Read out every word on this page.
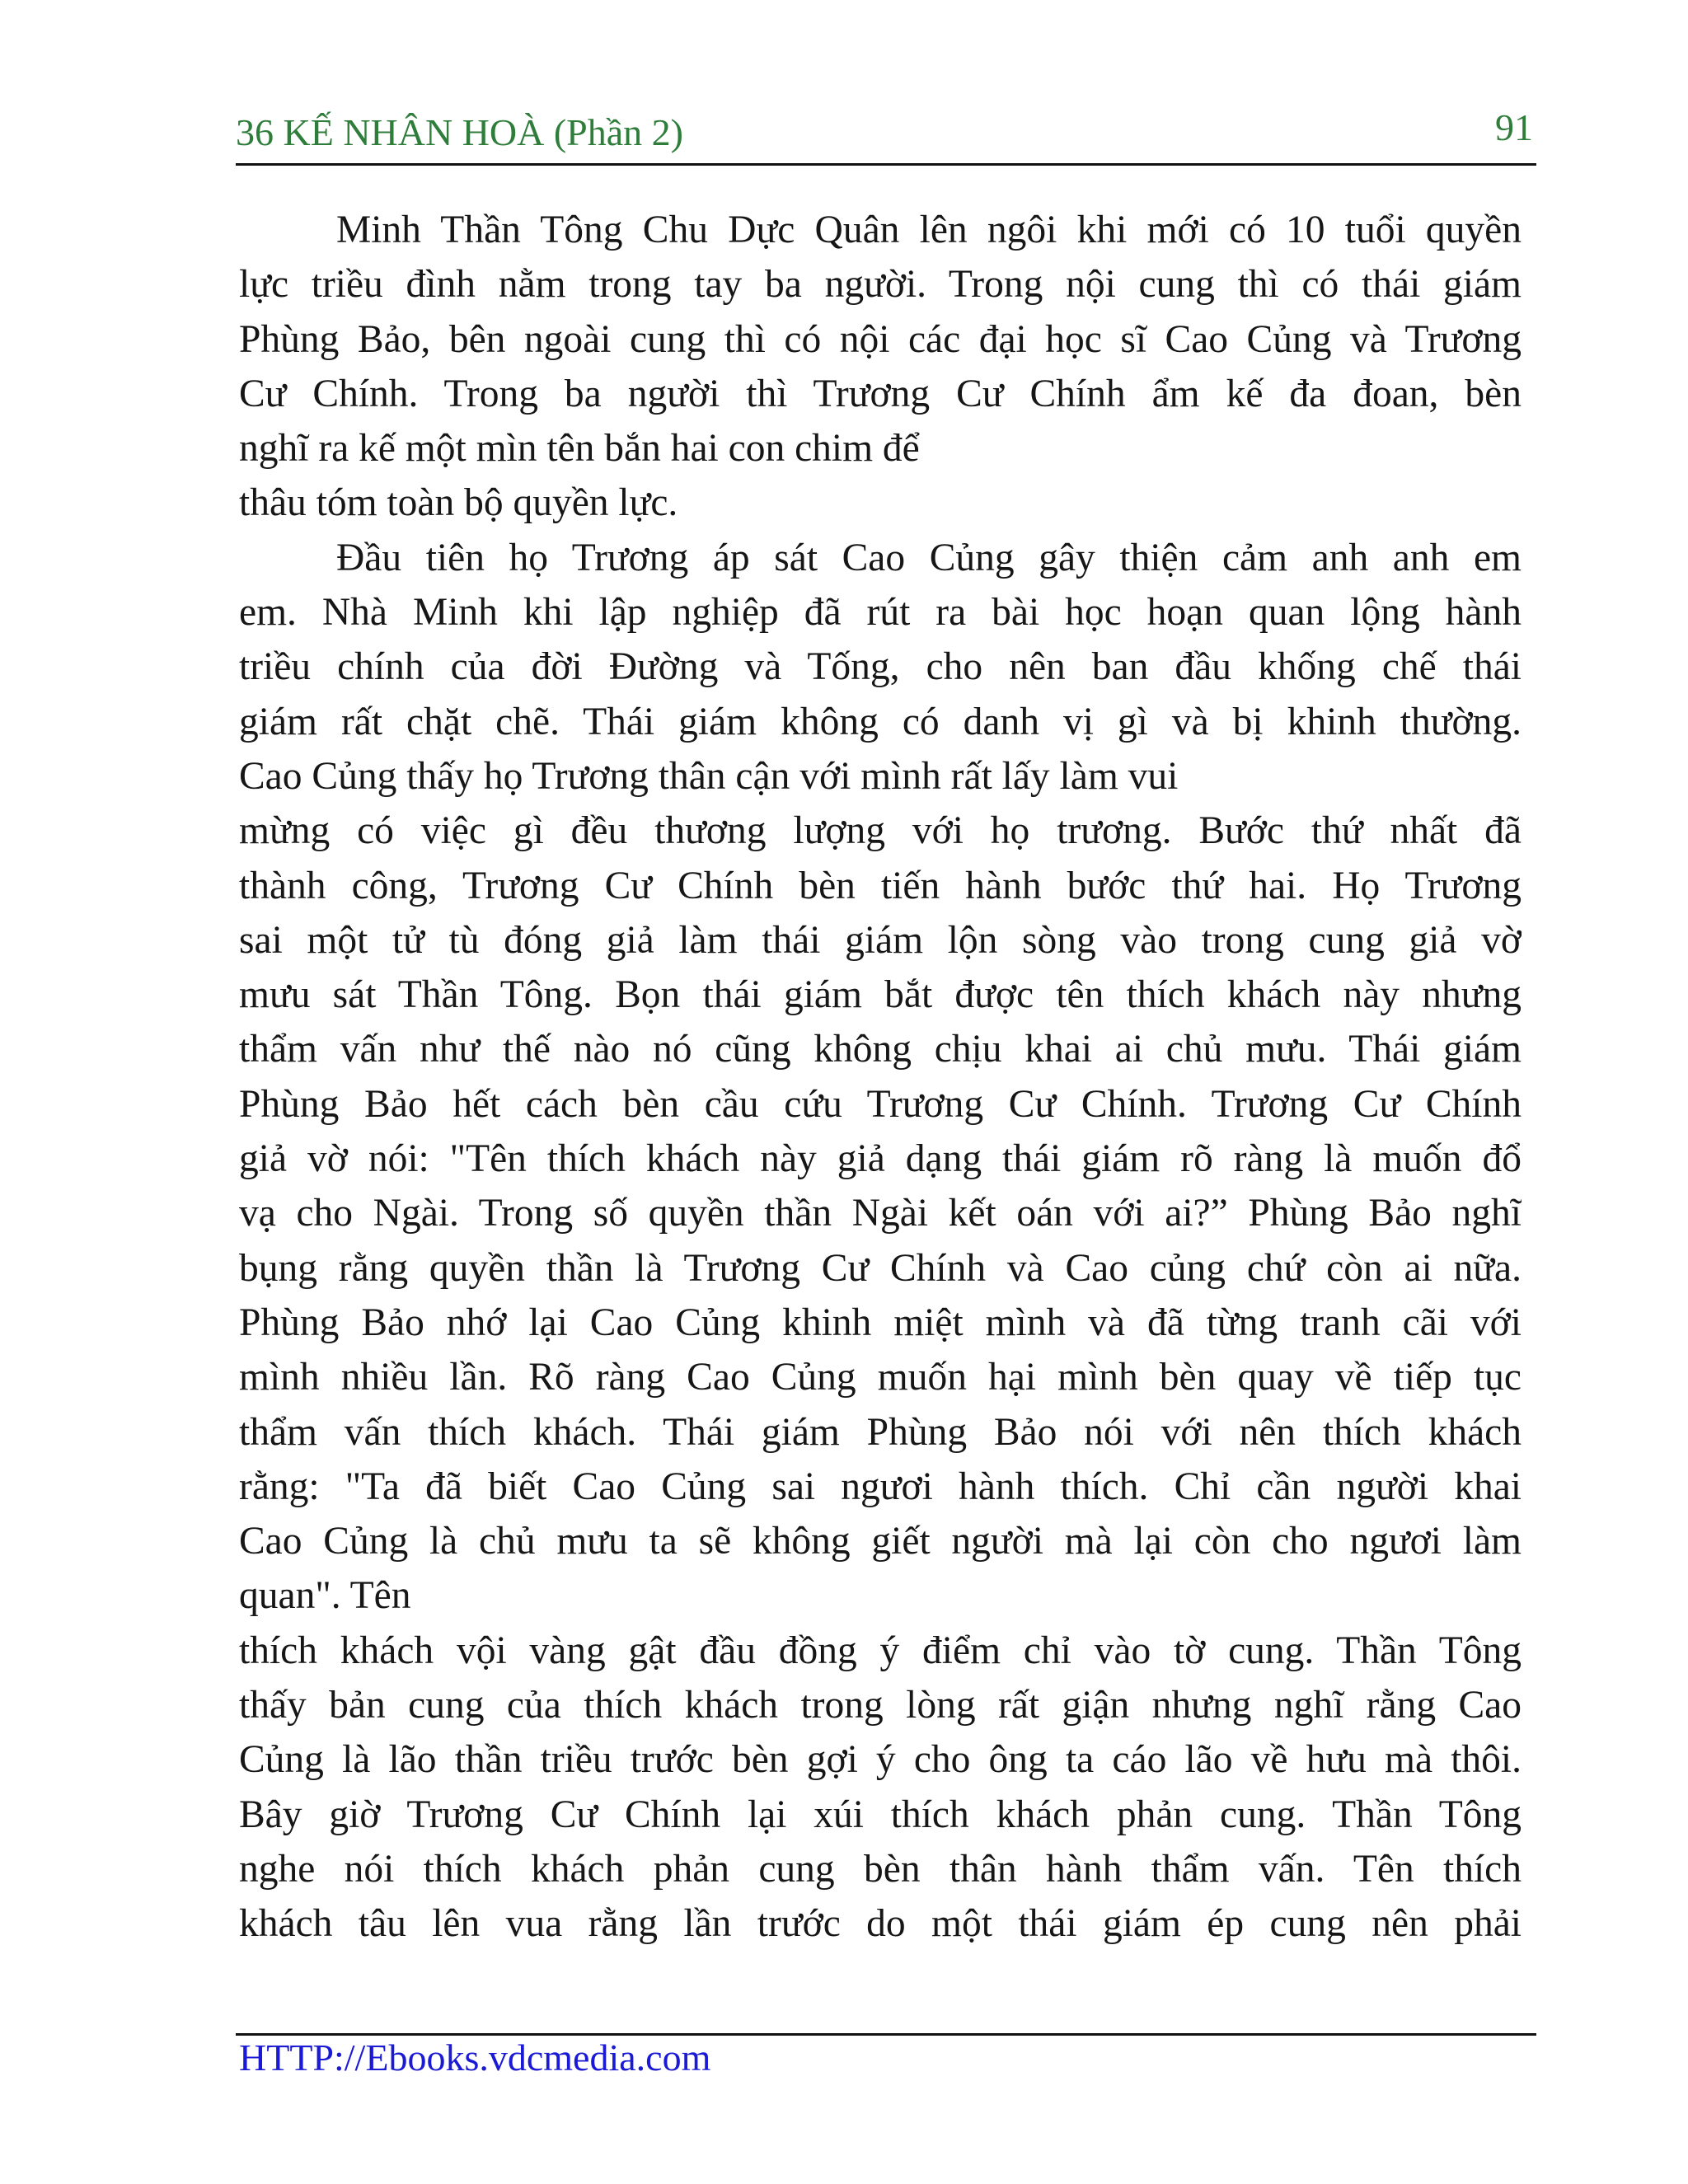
36 KẾ NHÂN HOÀ (Phần 2)	91
Minh Thần Tông Chu Dực Quân lên ngôi khi mới có 10 tuổi quyền
lực triều đình nằm trong tay ba người. Trong nội cung thì có thái giám
Phùng Bảo, bên ngoài cung thì có nội các đại học sĩ Cao Củng và Trương
Cư Chính. Trong ba người thì Trương Cư Chính ẩm kế đa đoan, bèn
nghĩ ra kế một mìn tên bắn hai con chim để
thâu tóm toàn bộ quyền lực.
Đầu tiên họ Trương áp sát Cao Củng gây thiện cảm anh anh em
em. Nhà Minh khi lập nghiệp đã rút ra bài học hoạn quan lộng hành
triều chính của đời Đường và Tống, cho nên ban đầu khống chế thái
giám rất chặt chẽ. Thái giám không có danh vị gì và bị khinh thường.
Cao Củng thấy họ Trương thân cận với mình rất lấy làm vui
mừng có việc gì đều thương lượng với họ trương. Bước thứ nhất đã
thành công, Trương Cư Chính bèn tiến hành bước thứ hai. Họ Trương
sai một tử tù đóng giả làm thái giám lộn sòng vào trong cung giả vờ
mưu sát Thần Tông. Bọn thái giám bắt được tên thích khách này nhưng
thẩm vấn như thế nào nó cũng không chịu khai ai chủ mưu. Thái giám
Phùng Bảo hết cách bèn cầu cứu Trương Cư Chính. Trương Cư Chính
giả vờ nói: "Tên thích khách này giả dạng thái giám rõ ràng là muốn đổ
vạ cho Ngài. Trong số quyền thần Ngài kết oán với ai?” Phùng Bảo nghĩ
bụng rằng quyền thần là Trương Cư Chính và Cao củng chứ còn ai nữa.
Phùng Bảo nhớ lại Cao Củng khinh miệt mình và đã từng tranh cãi với
mình nhiều lần. Rõ ràng Cao Củng muốn hại mình bèn quay về tiếp tục
thẩm vấn thích khách. Thái giám Phùng Bảo nói với nên thích khách
rằng: "Ta đã biết Cao Củng sai ngươi hành thích. Chỉ cần người khai
Cao Củng là chủ mưu ta sẽ không giết người mà lại còn cho ngươi làm
quan". Tên
thích khách vội vàng gật đầu đồng ý điểm chỉ vào tờ cung. Thần Tông
thấy bản cung của thích khách trong lòng rất giận nhưng nghĩ rằng Cao
Củng là lão thần triều trước bèn gợi ý cho ông ta cáo lão về hưu mà thôi.
Bây giờ Trương Cư Chính lại xúi thích khách phản cung. Thần Tông
nghe nói thích khách phản cung bèn thân hành thẩm vấn. Tên thích
khách tâu lên vua rằng lần trước do một thái giám ép cung nên phải
HTTP://Ebooks.vdcmedia.com
